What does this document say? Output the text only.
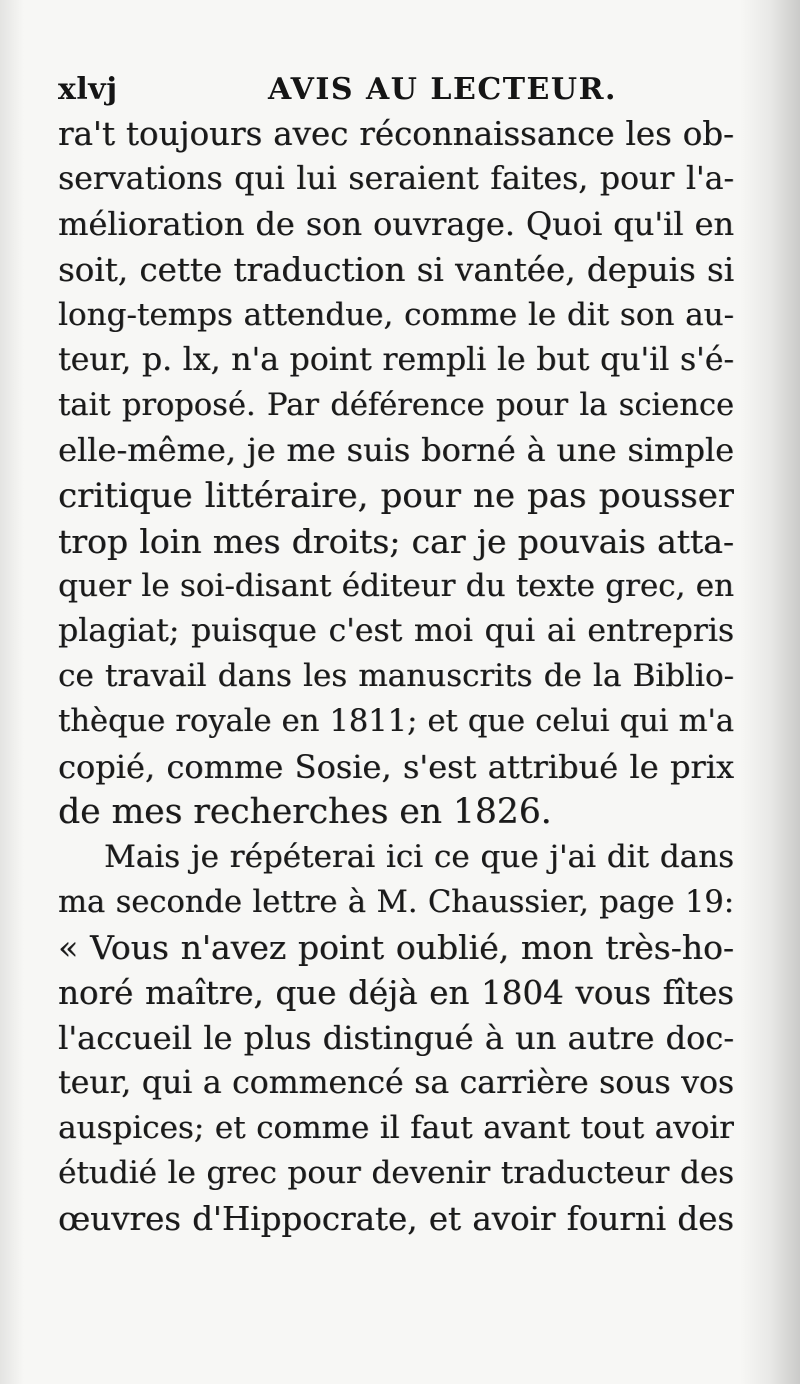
xlvj	AVIS AU LECTEUR.
ra't toujours avec réconnaissance les ob-
servations qui lui seraient faites, pour l'a-
mélioration de son ouvrage. Quoi qu'il en
soit, cette traduction si vantée, depuis si
long-temps attendue, comme le dit son au-
teur, p. lx, n'a point rempli le but qu'il s'é-
tait proposé. Par déférence pour la science
elle-même, je me suis borné à une simple
critique littéraire, pour ne pas pousser
trop loin mes droits; car je pouvais atta-
quer le soi-disant éditeur du texte grec, en
plagiat; puisque c'est moi qui ai entrepris
ce travail dans les manuscrits de la Biblio-
thèque royale en 1811; et que celui qui m'a
copié, comme Sosie, s'est attribué le prix
de mes recherches en 1826.
Mais je répéterai ici ce que j'ai dit dans
ma seconde lettre à M. Chaussier, page 19:
« Vous n'avez point oublié, mon très-ho-
noré maître, que déjà en 1804 vous fîtes
l'accueil le plus distingué à un autre doc-
teur, qui a commencé sa carrière sous vos
auspices; et comme il faut avant tout avoir
étudié le grec pour devenir traducteur des
œuvres d'Hippocrate, et avoir fourni des
